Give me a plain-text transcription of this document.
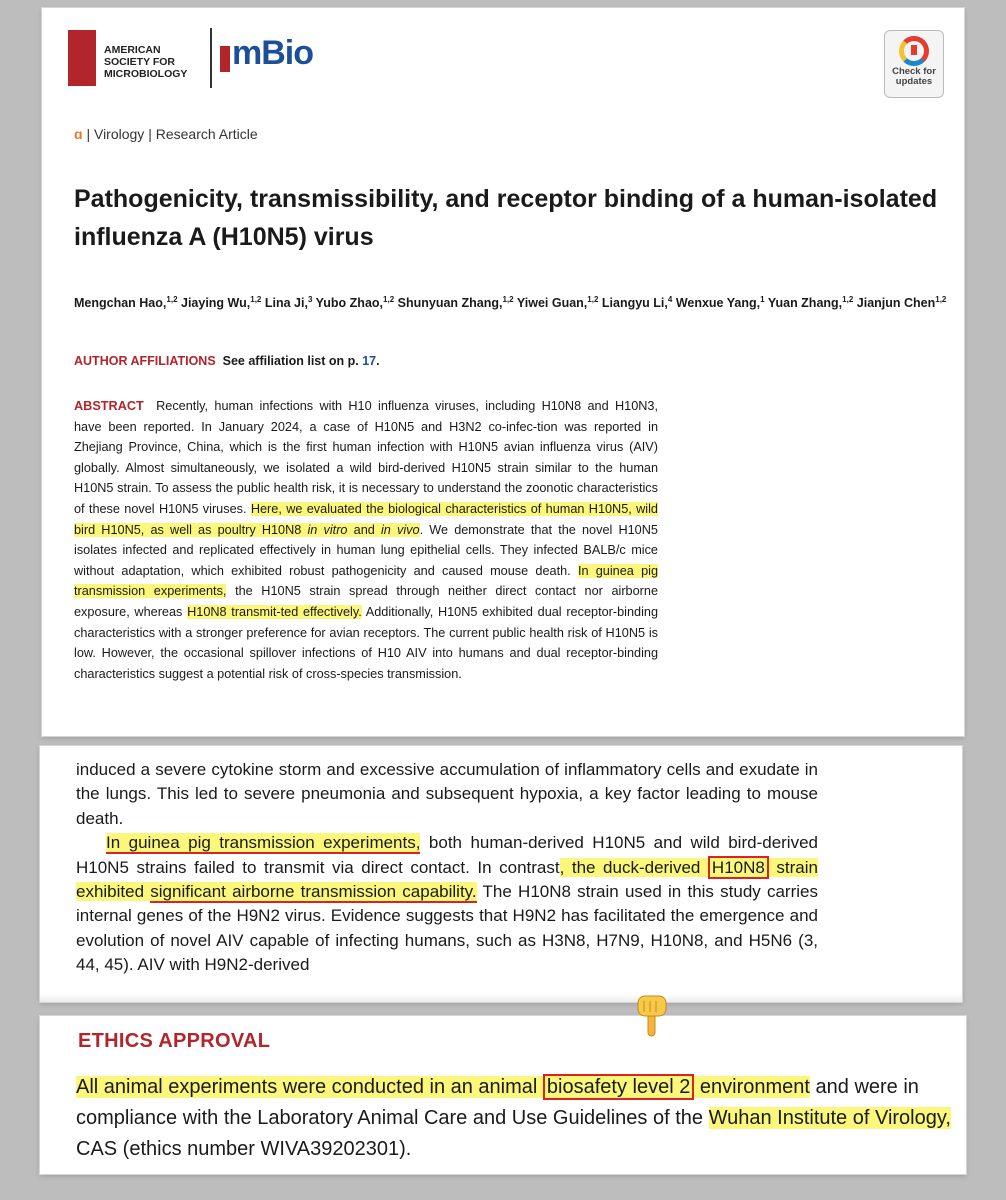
AMERICAN
SOCIETY FOR
MICROBIOLOGY
mBio	Check for
updates
ɑ | Virology | Research Article
Pathogenicity, transmissibility, and receptor binding of a human-isolated influenza A (H10N5) virus
Mengchan Hao,$^{1,2}$ Jiaying Wu,$^{1,2}$ Lina Ji,$^3$ Yubo Zhao,$^{1,2}$ Shunyuan Zhang,$^{1,2}$ Yiwei Guan,$^{1,2}$ Liangyu Li,$^4$ Wenxue Yang,$^1$ Yuan Zhang,$^{1,2}$ Jianjun Chen$^{1,2}$
AUTHOR AFFILIATIONS See affiliation list on p. 17.
ABSTRACT Recently, human infections with H10 influenza viruses, including H10N8 and H10N3, have been reported. In January 2024, a case of H10N5 and H3N2 co-infec-tion was reported in Zhejiang Province, China, which is the first human infection with H10N5 avian influenza virus (AIV) globally. Almost simultaneously, we isolated a wild bird-derived H10N5 strain similar to the human H10N5 strain. To assess the public health risk, it is necessary to understand the zoonotic characteristics of these novel H10N5 viruses. Here, we evaluated the biological characteristics of human H10N5, wild bird H10N5, as well as poultry H10N8 in vitro and in vivo. We demonstrate that the novel H10N5 isolates infected and replicated effectively in human lung epithelial cells. They infected BALB/c mice without adaptation, which exhibited robust pathogenicity and caused mouse death. In guinea pig transmission experiments, the H10N5 strain spread through neither direct contact nor airborne exposure, whereas H10N8 transmit-ted effectively. Additionally, H10N5 exhibited dual receptor-binding characteristics with a stronger preference for avian receptors. The current public health risk of H10N5 is low. However, the occasional spillover infections of H10 AIV into humans and dual receptor-binding characteristics suggest a potential risk of cross-species transmission.
induced a severe cytokine storm and excessive accumulation of inflammatory cells and exudate in the lungs. This led to severe pneumonia and subsequent hypoxia, a key factor leading to mouse death.
In guinea pig transmission experiments, both human-derived H10N5 and wild bird-derived H10N5 strains failed to transmit via direct contact. In contrast, the duck-derived H10N8 strain exhibited significant airborne transmission capability. The H10N8 strain used in this study carries internal genes of the H9N2 virus. Evidence suggests that H9N2 has facilitated the emergence and evolution of novel AIV capable of infecting humans, such as H3N8, H7N9, H10N8, and H5N6 (3, 44, 45). AIV with H9N2-derived
ETHICS APPROVAL
All animal experiments were conducted in an animal biosafety level 2 environment and were in compliance with the Laboratory Animal Care and Use Guidelines of the Wuhan Institute of Virology, CAS (ethics number WIVA39202301).
